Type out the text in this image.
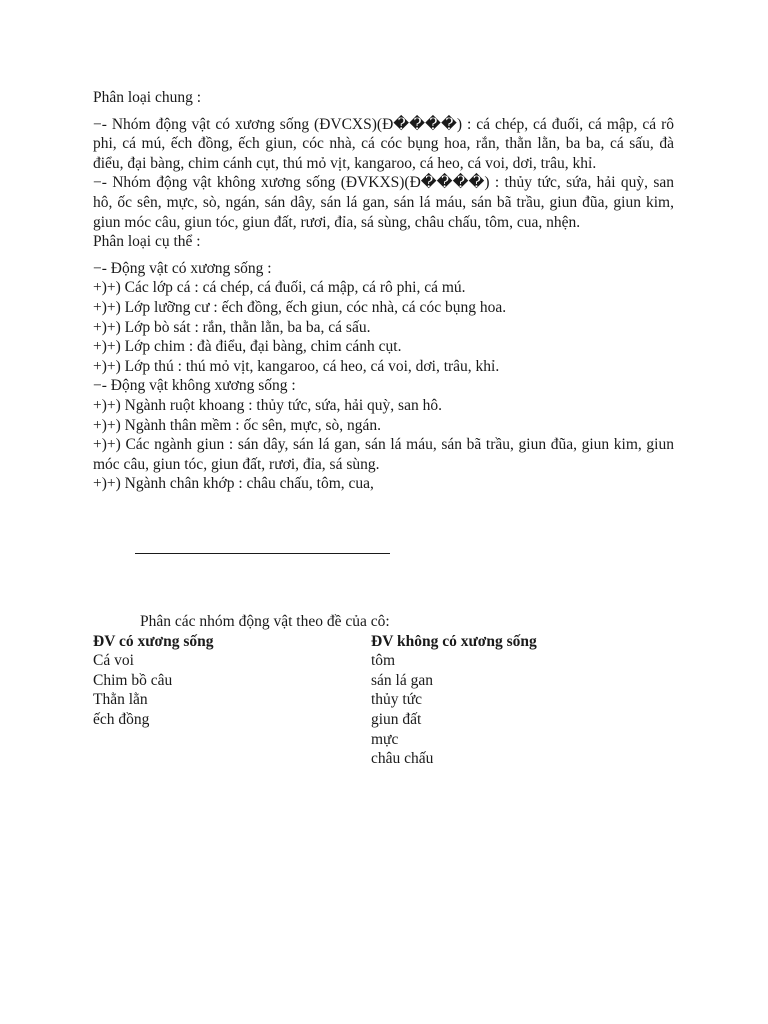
Phân loại chung :

−- Nhóm động vật có xương sống (ĐVCXS)(Đ����) : cá chép, cá đuối, cá mập, cá rô phi, cá mú, ếch đồng, ếch giun, cóc nhà, cá cóc bụng hoa, rắn, thằn lằn, ba ba, cá sấu, đà điểu, đại bàng, chim cánh cụt, thú mỏ vịt, kangaroo, cá heo, cá voi, dơi, trâu, khỉ.

−- Nhóm động vật không xương sống (ĐVKXS)(Đ����) : thủy tức, sứa, hải quỳ, san hô, ốc sên, mực, sò, ngán, sán dây, sán lá gan, sán lá máu, sán bã trầu, giun đũa, giun kim, giun móc câu, giun tóc, giun đất, rươi, đỉa, sá sùng, châu chấu, tôm, cua, nhện.

Phân loại cụ thể :

−- Động vật có xương sống :

+)+) Các lớp cá : cá chép, cá đuối, cá mập, cá rô phi, cá mú.

+)+) Lớp lưỡng cư : ếch đồng, ếch giun, cóc nhà, cá cóc bụng hoa.

+)+) Lớp bò sát : rắn, thằn lằn, ba ba, cá sấu.

+)+) Lớp chim : đà điểu, đại bàng, chim cánh cụt.

+)+) Lớp thú : thú mỏ vịt, kangaroo, cá heo, cá voi, dơi, trâu, khỉ.

−- Động vật không xương sống :

+)+) Ngành ruột khoang : thủy tức, sứa, hải quỳ, san hô.

+)+) Ngành thân mềm : ốc sên, mực, sò, ngán.

+)+) Các ngành giun : sán dây, sán lá gan, sán lá máu, sán bã trầu, giun đũa, giun kim, giun móc câu, giun tóc, giun đất, rươi, đỉa, sá sùng.

+)+) Ngành chân khớp : châu chấu, tôm, cua,

Phân các nhóm động vật theo đề của cô:

ĐV có xương sống
Cá voi
Chim bồ câu
Thằn lằn
ếch đồng
ĐV không có xương sống
tôm
sán lá gan
thủy tức
giun đất
mực
châu chấu
